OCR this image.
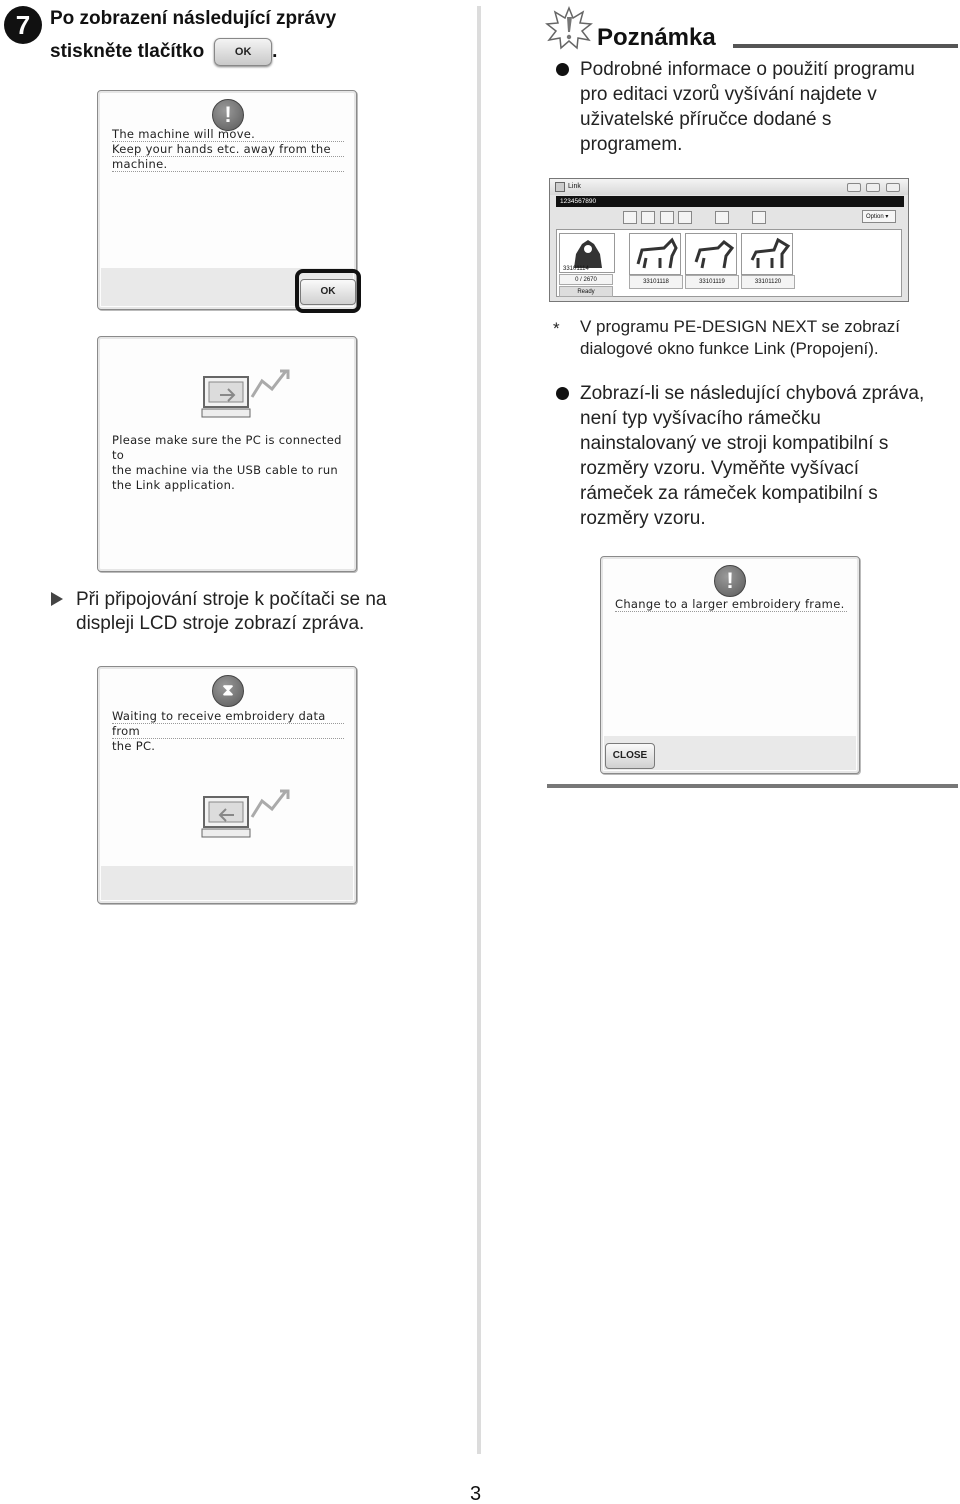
7	Po zobrazení následující zprávy
stiskněte tlačítko	OK .
!
The machine will move.
Keep your hands etc. away from the
machine.
OK
Please make sure the PC is connected to
the machine via the USB cable to run
the Link application.
Při připojování stroje k počítači se na
displeji LCD stroje zobrazí zpráva.
⧗
Waiting to receive embroidery data from
the PC.
Poznámka
Podrobné informace o použití programu
pro editaci vzorů vyšívání najdete v
uživatelské příručce dodané s
programem.
Link
1234567890
Option ▾
33101114
0 / 2670
Ready
33101118	33101119	33101120
* V programu PE-DESIGN NEXT se zobrazí
dialogové okno funkce Link (Propojení).
Zobrazí-li se následující chybová zpráva,
není typ vyšívacího rámečku
nainstalovaný ve stroji kompatibilní s
rozměry vzoru. Vyměňte vyšívací
rámeček za rámeček kompatibilní s
rozměry vzoru.
!
Change to a larger embroidery frame.
CLOSE
3
